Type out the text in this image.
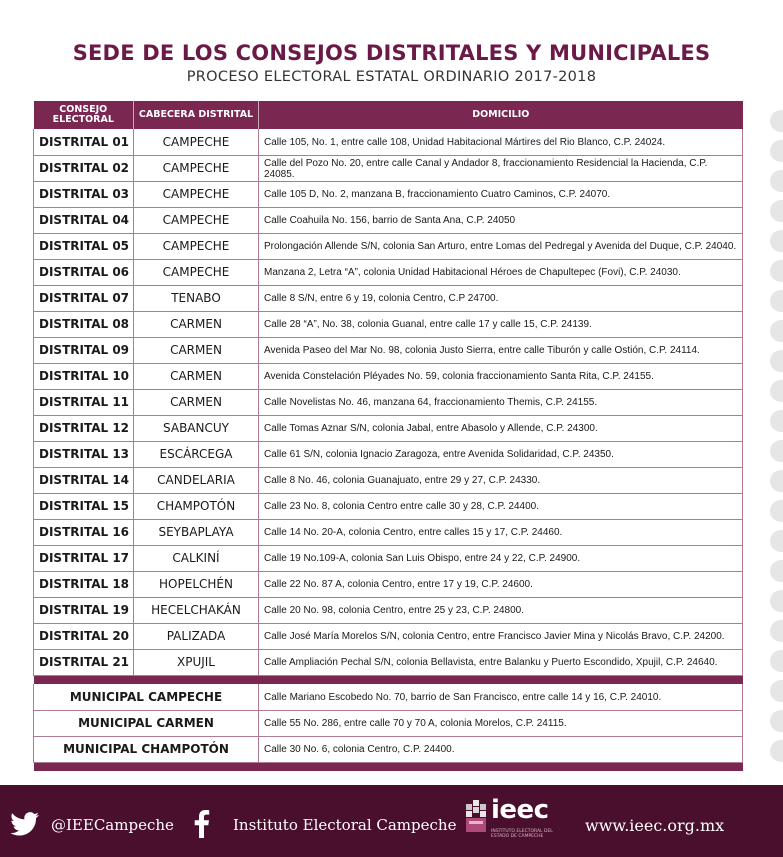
SEDE DE LOS CONSEJOS DISTRITALES Y MUNICIPALES
PROCESO ELECTORAL ESTATAL ORDINARIO 2017-2018
CONSEJO ELECTORAL	CABECERA DISTRITAL	DOMICILIO
DISTRITAL 01	CAMPECHE	Calle 105, No. 1, entre calle 108, Unidad Habitacional Mártires del Rio Blanco, C.P. 24024.
DISTRITAL 02	CAMPECHE	Calle del Pozo No. 20, entre calle Canal y Andador 8, fraccionamiento Residencial la Hacienda, C.P. 24085.
DISTRITAL 03	CAMPECHE	Calle 105 D, No. 2, manzana B, fraccionamiento Cuatro Caminos, C.P. 24070.
DISTRITAL 04	CAMPECHE	Calle Coahuila No. 156, barrio de Santa Ana, C.P. 24050
DISTRITAL 05	CAMPECHE	Prolongación Allende S/N, colonia San Arturo, entre Lomas del Pedregal y Avenida del Duque, C.P. 24040.
DISTRITAL 06	CAMPECHE	Manzana 2, Letra “A”, colonia Unidad Habitacional Héroes de Chapultepec (Fovi), C.P. 24030.
DISTRITAL 07	TENABO	Calle 8 S/N, entre 6 y 19, colonia Centro, C.P 24700.
DISTRITAL 08	CARMEN	Calle 28 “A”, No. 38, colonia Guanal, entre calle 17 y calle 15, C.P. 24139.
DISTRITAL 09	CARMEN	Avenida Paseo del Mar No. 98, colonia Justo Sierra, entre calle Tiburón y calle Ostión, C.P. 24114.
DISTRITAL 10	CARMEN	Avenida Constelación Pléyades No. 59, colonia fraccionamiento Santa Rita, C.P. 24155.
DISTRITAL 11	CARMEN	Calle Novelistas No. 46, manzana 64, fraccionamiento Themis, C.P. 24155.
DISTRITAL 12	SABANCUY	Calle Tomas Aznar S/N, colonia Jabal, entre Abasolo y Allende, C.P. 24300.
DISTRITAL 13	ESCÁRCEGA	Calle 61 S/N, colonia Ignacio Zaragoza, entre Avenida Solidaridad, C.P. 24350.
DISTRITAL 14	CANDELARIA	Calle 8 No. 46, colonia Guanajuato, entre 29 y 27, C.P. 24330.
DISTRITAL 15	CHAMPOTÓN	Calle 23 No. 8, colonia Centro entre calle 30 y 28, C.P. 24400.
DISTRITAL 16	SEYBAPLAYA	Calle 14 No. 20-A, colonia Centro, entre calles 15 y 17, C.P. 24460.
DISTRITAL 17	CALKINÍ	Calle 19 No.109-A, colonia San Luis Obispo, entre 24 y 22, C.P. 24900.
DISTRITAL 18	HOPELCHÉN	Calle 22 No. 87 A, colonia Centro, entre 17 y 19, C.P. 24600.
DISTRITAL 19	HECELCHAKÁN	Calle 20 No. 98, colonia Centro, entre 25 y 23, C.P. 24800.
DISTRITAL 20	PALIZADA	Calle José María Morelos S/N, colonia Centro, entre Francisco Javier Mina y Nicolás Bravo, C.P. 24200.
DISTRITAL 21	XPUJIL	Calle Ampliación Pechal S/N, colonia Bellavista, entre Balanku y Puerto Escondido, Xpujil, C.P. 24640.

MUNICIPAL CAMPECHE		Calle Mariano Escobedo No. 70, barrio de San Francisco, entre calle 14 y 16, C.P. 24010.
MUNICIPAL CARMEN		Calle 55 No. 286, entre calle 70 y 70 A, colonia Morelos, C.P. 24115.
MUNICIPAL CHAMPOTÓN		Calle 30 No. 6, colonia Centro, C.P. 24400.

@IEECampeche	Instituto Electoral Campeche ieec
INSTITUTO ELECTORAL DEL ESTADO DE CAMPECHE
www.ieec.org.mx
